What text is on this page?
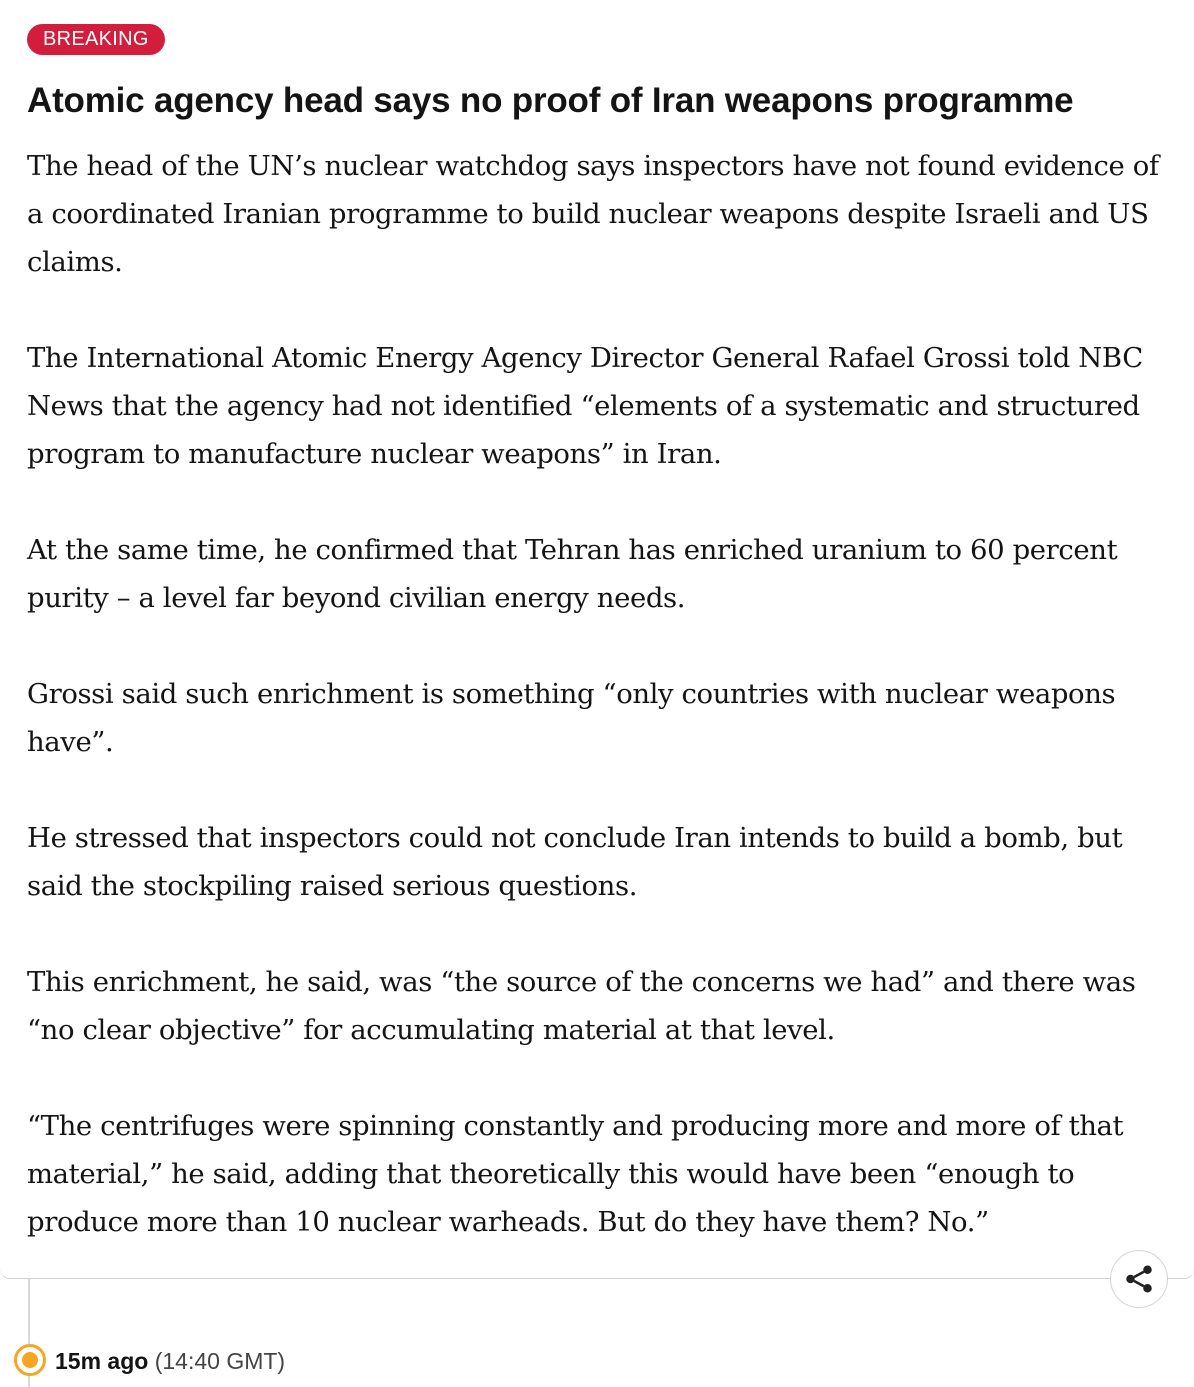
BREAKING
Atomic agency head says no proof of Iran weapons programme

The head of the UN’s nuclear watchdog says inspectors have not found evidence of a coordinated Iranian programme to build nuclear weapons despite Israeli and US claims.

The International Atomic Energy Agency Director General Rafael Grossi told NBC News that the agency had not identified “elements of a systematic and structured program to manufacture nuclear weapons” in Iran.

At the same time, he confirmed that Tehran has enriched uranium to 60 percent purity – a level far beyond civilian energy needs.

Grossi said such enrichment is something “only countries with nuclear weapons have”.

He stressed that inspectors could not conclude Iran intends to build a bomb, but said the stockpiling raised serious questions.

This enrichment, he said, was “the source of the concerns we had” and there was “no clear objective” for accumulating material at that level.

“The centrifuges were spinning constantly and producing more and more of that material,” he said, adding that theoretically this would have been “enough to produce more than 10 nuclear warheads. But do they have them? No.”

15m ago (14:40 GMT)
